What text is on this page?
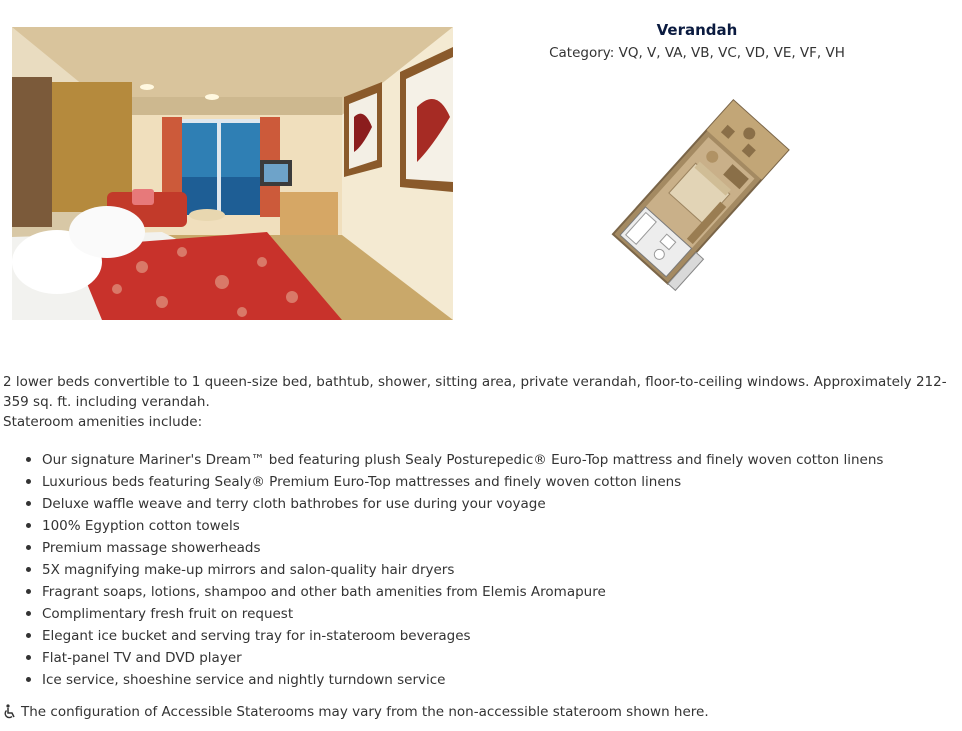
Verandah
Category: VQ, V, VA, VB, VC, VD, VE, VF, VH
2 lower beds convertible to 1 queen-size bed, bathtub, shower, sitting area, private verandah, floor-to-ceiling windows. Approximately 212-359 sq. ft. including verandah.
Stateroom amenities include:
Our signature Mariner's Dream™ bed featuring plush Sealy Posturepedic® Euro-Top mattress and finely woven cotton linens
Luxurious beds featuring Sealy® Premium Euro-Top mattresses and finely woven cotton linens
Deluxe waffle weave and terry cloth bathrobes for use during your voyage
100% Egyption cotton towels
Premium massage showerheads
5X magnifying make-up mirrors and salon-quality hair dryers
Fragrant soaps, lotions, shampoo and other bath amenities from Elemis Aromapure
Complimentary fresh fruit on request
Elegant ice bucket and serving tray for in-stateroom beverages
Flat-panel TV and DVD player
Ice service, shoeshine service and nightly turndown service
The configuration of Accessible Staterooms may vary from the non-accessible stateroom shown here.
